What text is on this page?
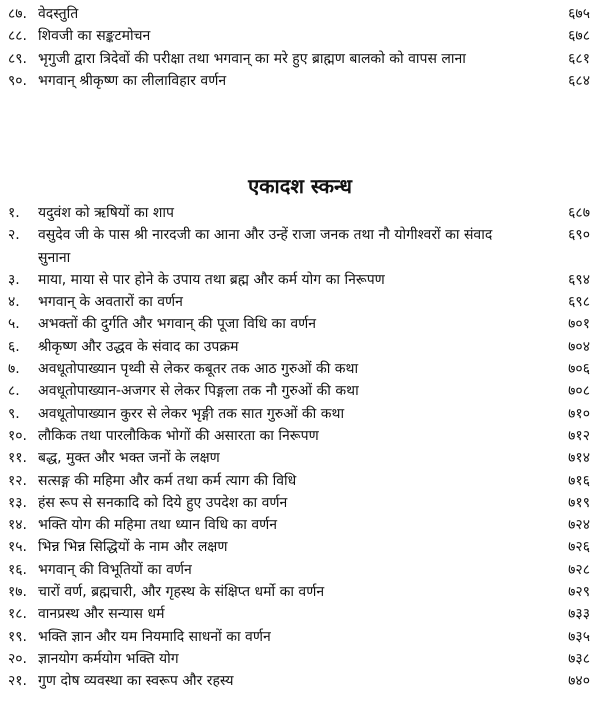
८७. वेदस्तुति	६७५
८८. शिवजी का सङ्कटमोचन	६७८
८९. भृगुजी द्वारा त्रिदेवों की परीक्षा तथा भगवान् का मरे हुए ब्राह्मण बालको को वापस लाना	६८१
९०. भगवान् श्रीकृष्ण का लीलाविहार वर्णन	६८४
एकादश स्कन्ध
१.	यदुवंश को ऋषियों का शाप	६८७
२.	वसुदेव जी के पास श्री नारदजी का आना और उन्हें राजा जनक तथा नौ योगीश्वरों का संवाद सुनाना
६९०
३.	माया, माया से पार होने के उपाय तथा ब्रह्म और कर्म योग का निरूपण	६९४
४.	भगवान् के अवतारों का वर्णन	६९८
५.	अभक्तों की दुर्गति और भगवान् की पूजा विधि का वर्णन	७०१
६.	श्रीकृष्ण और उद्धव के संवाद का उपक्रम	७०४
७.	अवधूतोपाख्यान पृथ्वी से लेकर कबूतर तक आठ गुरुओं की कथा	७०६
८.	अवधूतोपाख्यान-अजगर से लेकर पिङ्गला तक नौ गुरुओं की कथा	७०८
९.	अवधूतोपाख्यान कुरर से लेकर भृङ्गी तक सात गुरुओं की कथा	७१०
१०. लौकिक तथा पारलौकिक भोगों की असारता का निरूपण	७१२
११. बद्ध, मुक्त और भक्त जनों के लक्षण	७१४
१२. सत्सङ्ग की महिमा और कर्म तथा कर्म त्याग की विधि	७१६
१३. हंस रूप से सनकादि को दिये हुए उपदेश का वर्णन	७१९
१४. भक्ति योग की महिमा तथा ध्यान विधि का वर्णन	७२४
१५. भिन्न भिन्न सिद्धियों के नाम और लक्षण	७२६
१६. भगवान् की विभूतियों का वर्णन	७२८
१७. चारों वर्ण, ब्रह्मचारी, और गृहस्थ के संक्षिप्त धर्मो का वर्णन	७२९
१८. वानप्रस्थ और सन्यास धर्म	७३३
१९. भक्ति ज्ञान और यम नियमादि साधनों का वर्णन	७३५
२०. ज्ञानयोग कर्मयोग भक्ति योग	७३८
२१. गुण दोष व्यवस्था का स्वरूप और रहस्य	७४०
